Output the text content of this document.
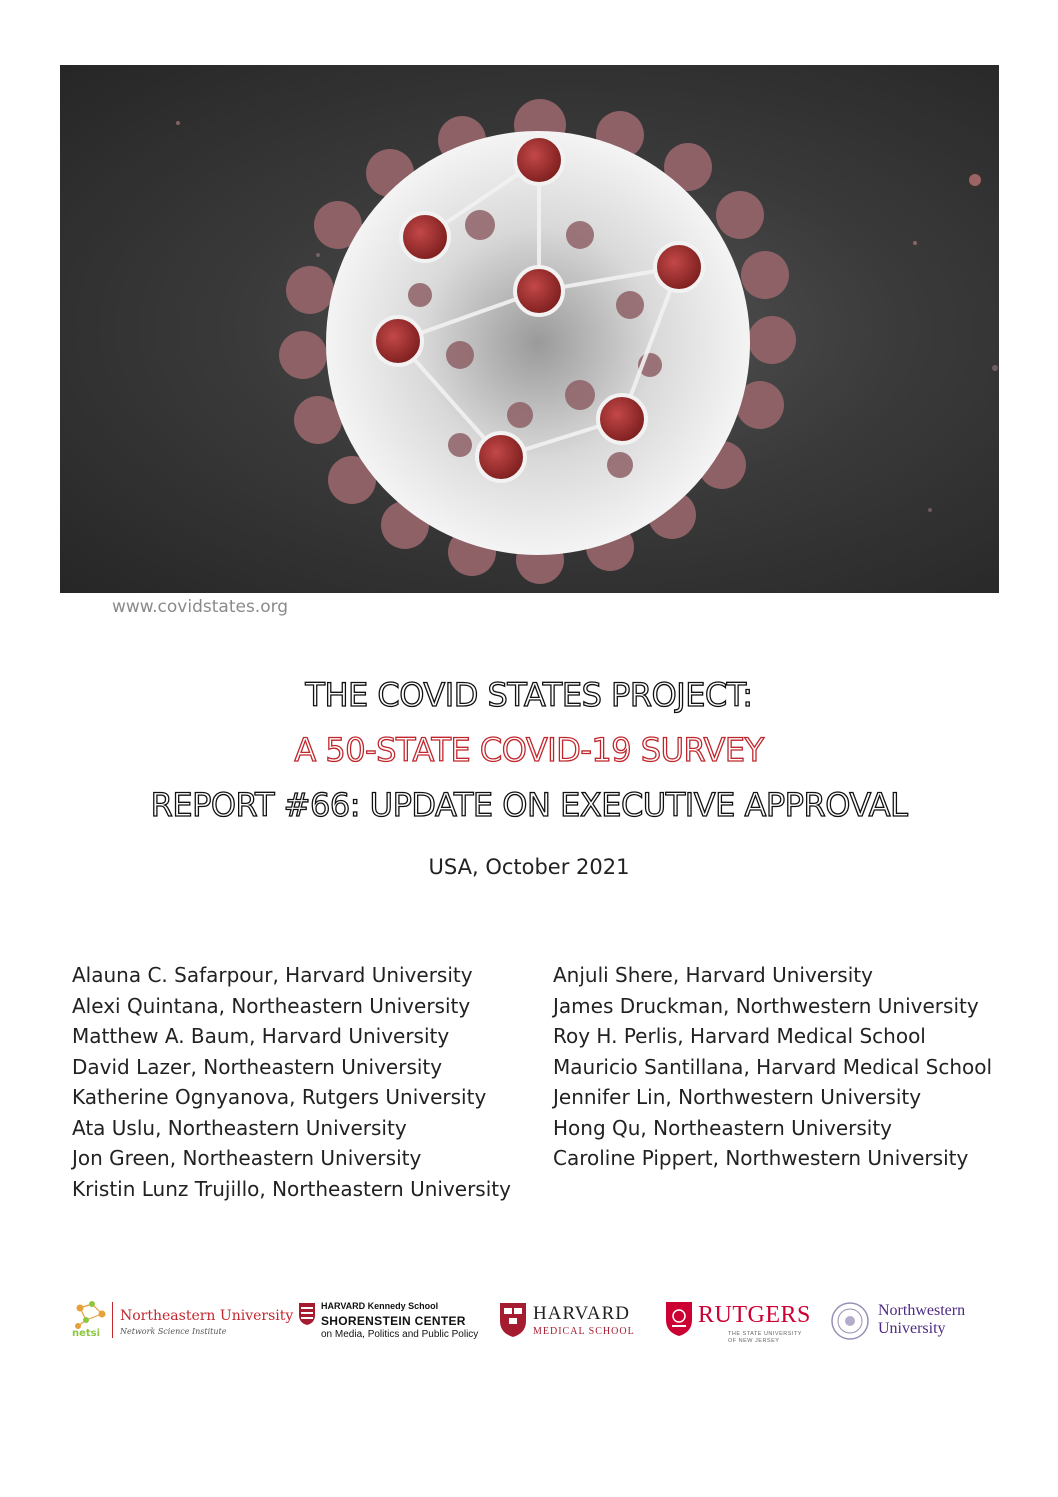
www.covidstates.org
THE COVID STATES PROJECT:
A 50-STATE COVID-19 SURVEY
REPORT #66: UPDATE ON EXECUTIVE APPROVAL
USA, October 2021
Alauna C. Safarpour, Harvard University
Alexi Quintana, Northeastern University
Matthew A. Baum, Harvard University
David Lazer, Northeastern University
Katherine Ognyanova, Rutgers University
Ata Uslu, Northeastern University
Jon Green, Northeastern University
Kristin Lunz Trujillo, Northeastern University
Anjuli Shere, Harvard University
James Druckman, Northwestern University
Roy H. Perlis, Harvard Medical School
Mauricio Santillana, Harvard Medical School
Jennifer Lin, Northwestern University
Hong Qu, Northeastern University
Caroline Pippert, Northwestern University
netsi
Northeastern University
Network Science Institute
HARVARD Kennedy School
SHORENSTEIN CENTER
on Media, Politics and Public Policy
HARVARD
MEDICAL SCHOOL
RUTGERS
THE STATE UNIVERSITY
OF NEW JERSEY
Northwestern
University
